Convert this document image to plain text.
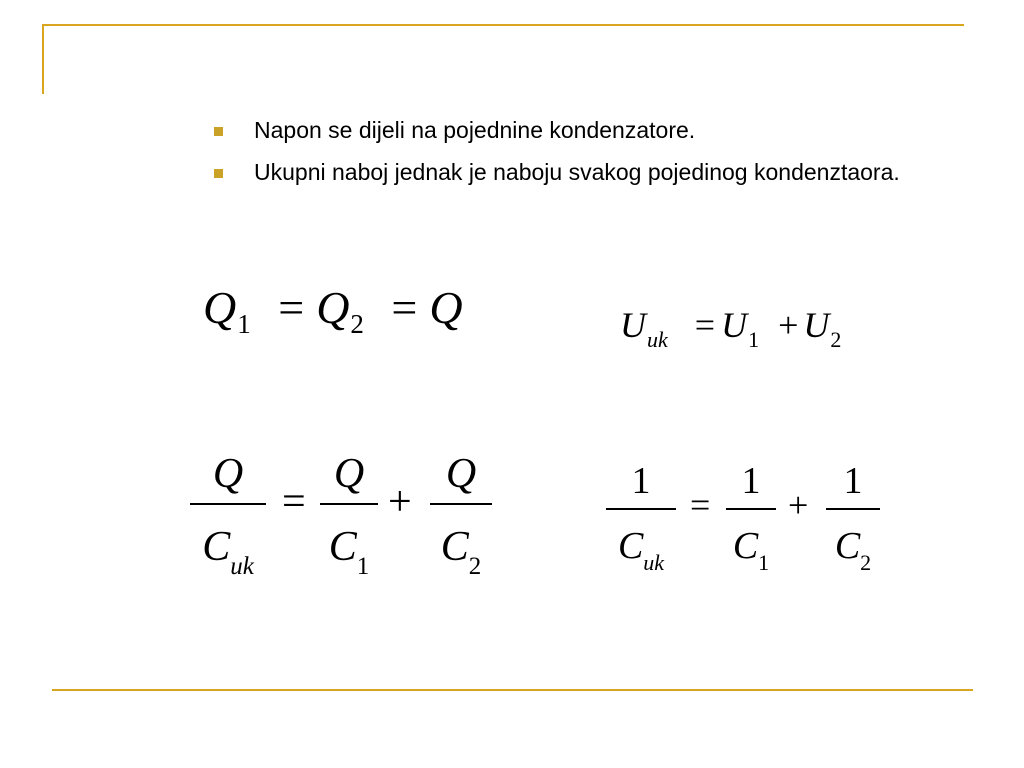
Napon se dijeli na pojednine kondenzatore.
Ukupni naboj jednak je naboju svakog pojedinog kondenztaora.
$Q_1 = Q_2 = Q$	$U_{uk} = U_1 + U_2$
Q
$C_{uk}$
=
Q
$C_1$
+
Q
$C_2$
1
$C_{uk}$
=
1
$C_1$
+
1
$C_2$
